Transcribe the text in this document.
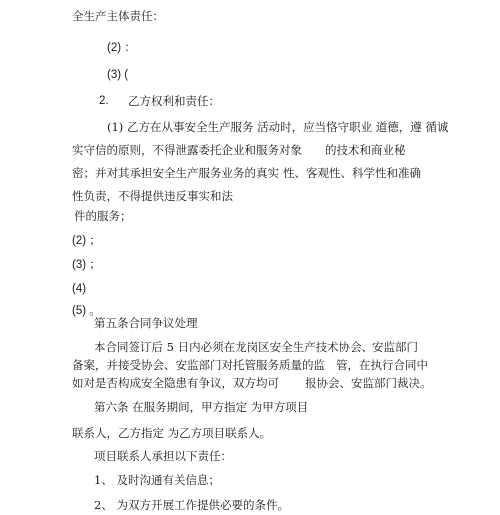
全生产主体责任：
(2) ：
(3) (
2. 乙方权利和责任：
(1) 乙方在从事安全生产服务 活动时，应当恪守职业 道德，遵 循诚
实守信的原则，不得泄露委托企业和服务对象 的技术和商业秘
密；并对其承担安全生产服务业务的真实 性、客观性、科学性和准确
性负责，不得提供违反事实和法
件的服务；
(2) ；
(3) ；
(4)
(5) 。
第五条合同争议处理
本合同签订后 5 日内必须在龙岗区安全生产技术协会、
安监部门
备案，并接受协会、安监部门对托管服务质量的监 管，在执行合同中
如对是否构成安全隐患有争议，双方均可 报协会、安监部门裁决。
第六条 在服务期间，甲方指定 为甲方项目
联系人，乙方指定 为乙方项目联系人。
项目联系人承担以下责任：
1、 及时沟通有关信息；
2、 为双方开展工作提供必要的条件。
